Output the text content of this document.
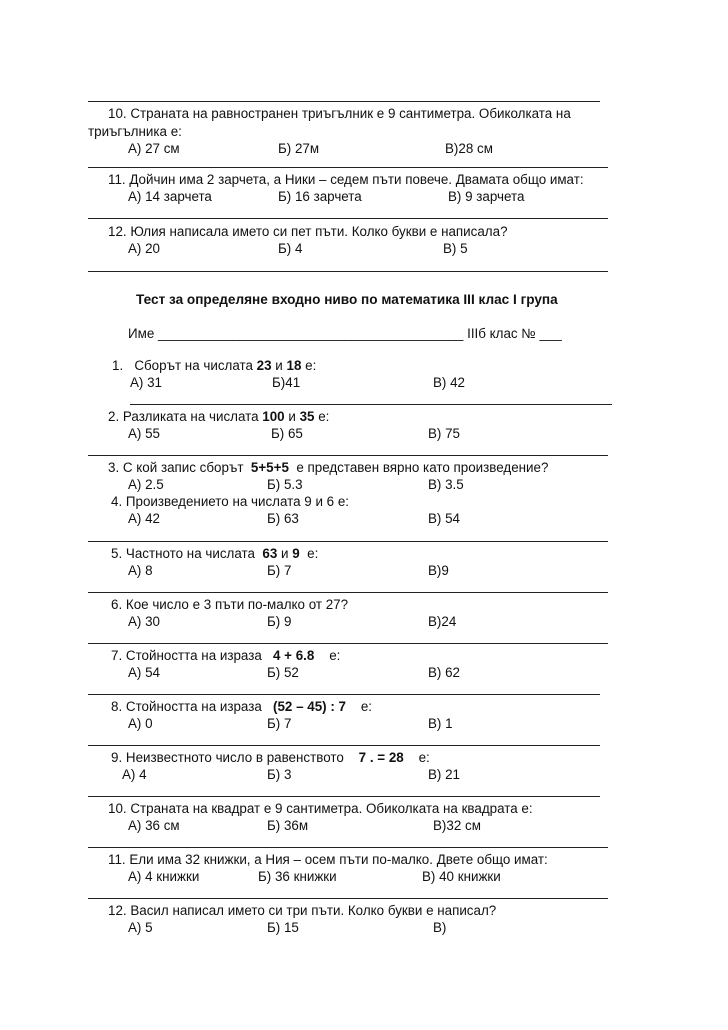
10. Страната на равностранен триъгълник е 9 сантиметра. Обиколката на
триъгълника е:
А) 27 см	Б) 27м	В)28 см
11. Дойчин има 2 зарчета, а Ники – седем пъти повече. Двамата общо имат:
А) 14 зарчета	Б) 16 зарчета	В) 9 зарчета
12. Юлия написала името си пет пъти. Колко букви е написала?
А) 20	Б) 4	В) 5
Тест за определяне входно ниво по математика III клас I група
Име _________________________________________ IIIб клас № ___
1. Сборът на числата 23 и 18 е:
А) 31	Б)41	В) 42
2. Разликата на числата 100 и 35 е:
А) 55	Б) 65	В) 75
3. С кой запис сборът 5+5+5 е представен вярно като произведение?
А) 2.5	Б) 5.3	В) 3.5
4. Произведението на числата 9 и 6 е:
А) 42	Б) 63	В) 54
5. Частното на числата 63 и 9 е:
А) 8	Б) 7	В)9
6. Кое число е 3 пъти по-малко от 27?
А) 30	Б) 9	В)24
7. Стойността на израза 4 + 6.8 е:
А) 54	Б) 52	В) 62
8. Стойността на израза (52 – 45) : 7 е:
А) 0	Б) 7	В) 1
9. Неизвестното число в равенството 7 . = 28 е:
А) 4	Б) 3	В) 21
10. Страната на квадрат е 9 сантиметра. Обиколката на квадрата е:
А) 36 см	Б) 36м	В)32 см
11. Ели има 32 книжки, а Ния – осем пъти по-малко. Двете общо имат:
А) 4 книжки	Б) 36 книжки	В) 40 книжки
12. Васил написал името си три пъти. Колко букви е написал?
А) 5	Б) 15	В)
